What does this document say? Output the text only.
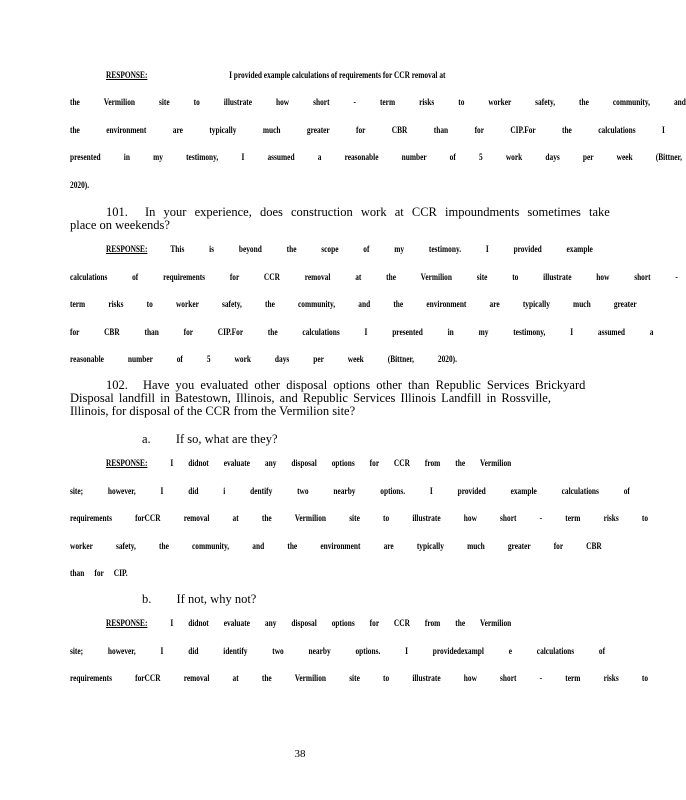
RESPONSE:	I provided example calculations of requirements for CCR removal at
the Vermilion site to illustrate how short - term risks to worker safety, the community, and
the environment are typically much greater for CBR than for CIP.For the calculations I
presented in my testimony, I assumed a reasonable number of 5 work days per week (Bittner,
2020).
101. In your experience, does construction work at CCR impoundments sometimes take
place on weekends?
RESPONSE:	This is beyond the scope of my testimony. I provided example
calculations of requirements for CCR removal at the Vermilion site to illustrate how short -
term risks to worker safety, the community, and the environment are typically much greater
for CBR than for CIP.For the calculations I presented in my testimony, I assumed a
reasonable number of 5 work days per week (Bittner, 2020).
102. Have you evaluated other disposal options other than Republic Services Brickyard
Disposal landfill in Batestown, Illinois, and Republic Services Illinois Landfill in Rossville,
Illinois, for disposal of the CCR from the Vermilion site?
a. If so, what are they?
RESPONSE:	I didnot evaluate any disposal options for CCR from the Vermilion
site; however, I did i dentify two nearby options. I provided example calculations of
requirements forCCR removal at the Vermilion site to illustrate how short - term risks to
worker safety, the community, and the environment are typically much greater for CBR
than for CIP.
b. If not, why not?
RESPONSE:	I didnot evaluate any disposal options for CCR from the Vermilion
site; however, I did identify two nearby options. I providedexampl e calculations of
requirements forCCR removal at the Vermilion site to illustrate how short - term risks to
38
